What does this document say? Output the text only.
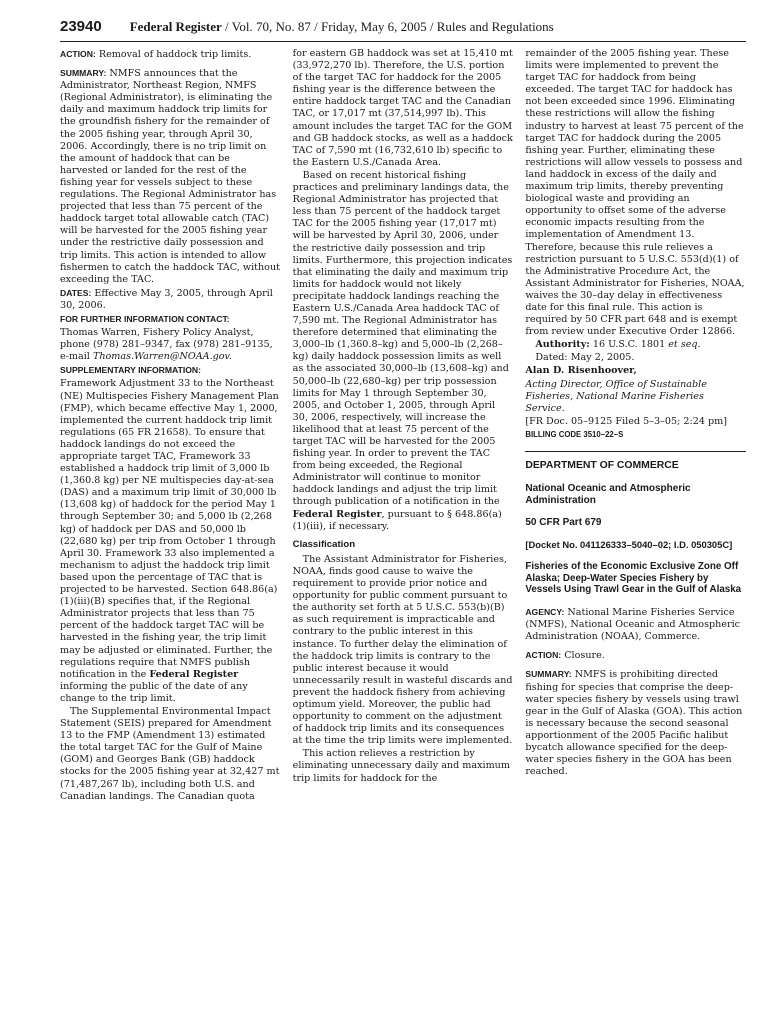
23940 Federal Register / Vol. 70, No. 87 / Friday, May 6, 2005 / Rules and Regulations

ACTION: Removal of haddock trip limits.

SUMMARY: NMFS announces that the Administrator, Northeast Region, NMFS (Regional Administrator), is eliminating the daily and maximum haddock trip limits for the groundfish fishery for the remainder of the 2005 fishing year, through April 30, 2006. Accordingly, there is no trip limit on the amount of haddock that can be harvested or landed for the rest of the fishing year for vessels subject to these regulations. The Regional Administrator has projected that less than 75 percent of the haddock target total allowable catch (TAC) will be harvested for the 2005 fishing year under the restrictive daily possession and trip limits. This action is intended to allow fishermen to catch the haddock TAC, without exceeding the TAC.

DATES: Effective May 3, 2005, through April 30, 2006.

FOR FURTHER INFORMATION CONTACT:

Thomas Warren, Fishery Policy Analyst, phone (978) 281–9347, fax (978) 281–9135, e-mail Thomas.Warren@NOAA.gov.

SUPPLEMENTARY INFORMATION:

Framework Adjustment 33 to the Northeast (NE) Multispecies Fishery Management Plan (FMP), which became effective May 1, 2000, implemented the current haddock trip limit regulations (65 FR 21658). To ensure that haddock landings do not exceed the appropriate target TAC, Framework 33 established a haddock trip limit of 3,000 lb (1,360.8 kg) per NE multispecies day-at-sea (DAS) and a maximum trip limit of 30,000 lb (13,608 kg) of haddock for the period May 1 through September 30; and 5,000 lb (2,268 kg) of haddock per DAS and 50,000 lb (22,680 kg) per trip from October 1 through April 30. Framework 33 also implemented a mechanism to adjust the haddock trip limit based upon the percentage of TAC that is projected to be harvested. Section 648.86(a)(1)(iii)(B) specifies that, if the Regional Administrator projects that less than 75 percent of the haddock target TAC will be harvested in the fishing year, the trip limit may be adjusted or eliminated. Further, the regulations require that NMFS publish notification in the Federal Register informing the public of the date of any change to the trip limit.

The Supplemental Environmental Impact Statement (SEIS) prepared for Amendment 13 to the FMP (Amendment 13) estimated the total target TAC for the Gulf of Maine (GOM) and Georges Bank (GB) haddock stocks for the 2005 fishing year at 32,427 mt (71,487,267 lb), including both U.S. and Canadian landings. The Canadian quota

for eastern GB haddock was set at 15,410 mt (33,972,270 lb). Therefore, the U.S. portion of the target TAC for haddock for the 2005 fishing year is the difference between the entire haddock target TAC and the Canadian TAC, or 17,017 mt (37,514,997 lb). This amount includes the target TAC for the GOM and GB haddock stocks, as well as a haddock TAC of 7,590 mt (16,732,610 lb) specific to the Eastern U.S./Canada Area.

Based on recent historical fishing practices and preliminary landings data, the Regional Administrator has projected that less than 75 percent of the haddock target TAC for the 2005 fishing year (17,017 mt) will be harvested by April 30, 2006, under the restrictive daily possession and trip limits. Furthermore, this projection indicates that eliminating the daily and maximum trip limits for haddock would not likely precipitate haddock landings reaching the Eastern U.S./Canada Area haddock TAC of 7,590 mt. The Regional Administrator has therefore determined that eliminating the 3,000–lb (1,360.8–kg) and 5,000–lb (2,268–kg) daily haddock possession limits as well as the associated 30,000–lb (13,608–kg) and 50,000–lb (22,680–kg) per trip possession limits for May 1 through September 30, 2005, and October 1, 2005, through April 30, 2006, respectively, will increase the likelihood that at least 75 percent of the target TAC will be harvested for the 2005 fishing year. In order to prevent the TAC from being exceeded, the Regional Administrator will continue to monitor haddock landings and adjust the trip limit through publication of a notification in the Federal Register, pursuant to § 648.86(a)(1)(iii), if necessary.

Classification

The Assistant Administrator for Fisheries, NOAA, finds good cause to waive the requirement to provide prior notice and opportunity for public comment pursuant to the authority set forth at 5 U.S.C. 553(b)(B) as such requirement is impracticable and contrary to the public interest in this instance. To further delay the elimination of the haddock trip limits is contrary to the public interest because it would unnecessarily result in wasteful discards and prevent the haddock fishery from achieving optimum yield. Moreover, the public had opportunity to comment on the adjustment of haddock trip limits and its consequences at the time the trip limits were implemented.

This action relieves a restriction by eliminating unnecessary daily and maximum trip limits for haddock for the

remainder of the 2005 fishing year. These limits were implemented to prevent the target TAC for haddock from being exceeded. The target TAC for haddock has not been exceeded since 1996. Eliminating these restrictions will allow the fishing industry to harvest at least 75 percent of the target TAC for haddock during the 2005 fishing year. Further, eliminating these restrictions will allow vessels to possess and land haddock in excess of the daily and maximum trip limits, thereby preventing biological waste and providing an opportunity to offset some of the adverse economic impacts resulting from the implementation of Amendment 13. Therefore, because this rule relieves a restriction pursuant to 5 U.S.C. 553(d)(1) of the Administrative Procedure Act, the Assistant Administrator for Fisheries, NOAA, waives the 30–day delay in effectiveness date for this final rule. This action is required by 50 CFR part 648 and is exempt from review under Executive Order 12866.

Authority: 16 U.S.C. 1801 et seq.

Dated: May 2, 2005.

Alan D. Risenhoover,

Acting Director, Office of Sustainable Fisheries, National Marine Fisheries Service.

[FR Doc. 05–9125 Filed 5–3–05; 2:24 pm]

BILLING CODE 3510–22–S

DEPARTMENT OF COMMERCE

National Oceanic and Atmospheric Administration

50 CFR Part 679

[Docket No. 041126333–5040–02; I.D. 050305C]

Fisheries of the Economic Exclusive Zone Off Alaska; Deep-Water Species Fishery by Vessels Using Trawl Gear in the Gulf of Alaska

AGENCY: National Marine Fisheries Service (NMFS), National Oceanic and Atmospheric Administration (NOAA), Commerce.

ACTION: Closure.

SUMMARY: NMFS is prohibiting directed fishing for species that comprise the deep-water species fishery by vessels using trawl gear in the Gulf of Alaska (GOA). This action is necessary because the second seasonal apportionment of the 2005 Pacific halibut bycatch allowance specified for the deep-water species fishery in the GOA has been reached.
